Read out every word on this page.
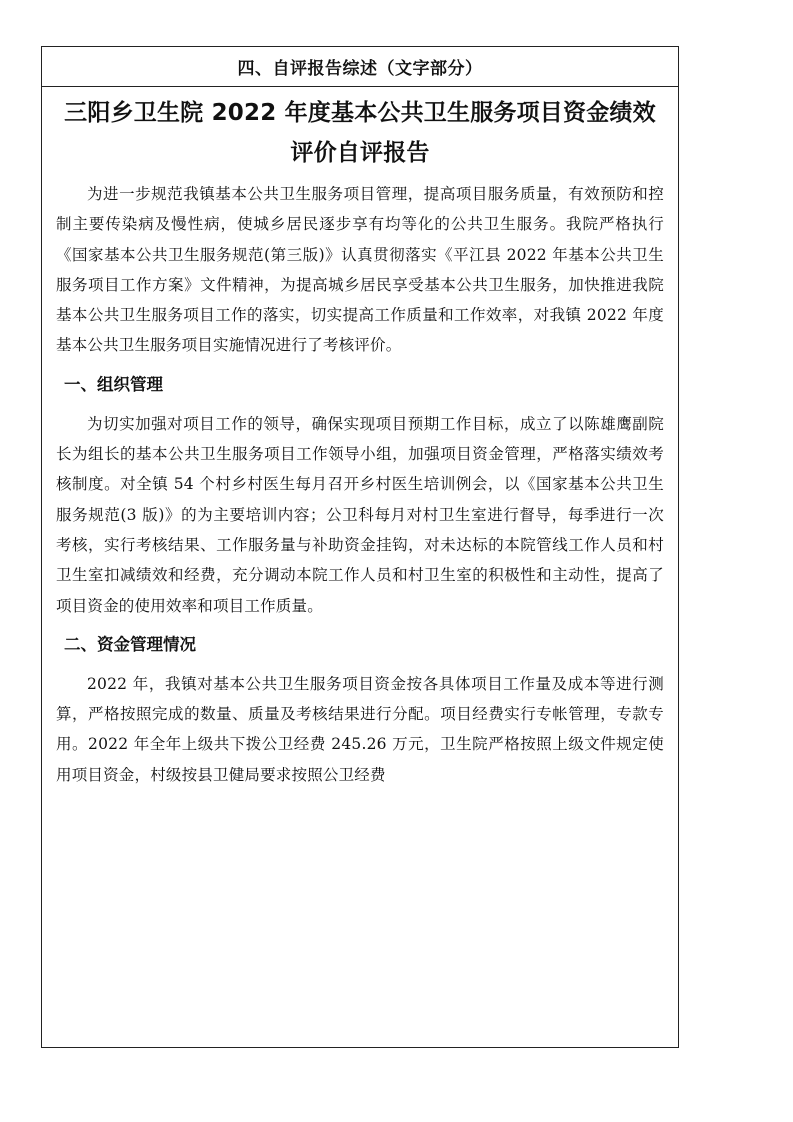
四、自评报告综述（文字部分）
三阳乡卫生院 2022 年度基本公共卫生服务项目资金绩效评价自评报告

为进一步规范我镇基本公共卫生服务项目管理，提高项目服务质量，有效预防和控制主要传染病及慢性病，使城乡居民逐步享有均等化的公共卫生服务。我院严格执行《国家基本公共卫生服务规范(第三版)》认真贯彻落实《平江县 2022 年基本公共卫生服务项目工作方案》文件精神，为提高城乡居民享受基本公共卫生服务，加快推进我院基本公共卫生服务项目工作的落实，切实提高工作质量和工作效率，对我镇 2022 年度基本公共卫生服务项目实施情况进行了考核评价。

一、组织管理

为切实加强对项目工作的领导，确保实现项目预期工作目标，成立了以陈雄鹰副院长为组长的基本公共卫生服务项目工作领导小组，加强项目资金管理，严格落实绩效考核制度。对全镇 54 个村乡村医生每月召开乡村医生培训例会，以《国家基本公共卫生服务规范(3 版)》的为主要培训内容；公卫科每月对村卫生室进行督导，每季进行一次考核，实行考核结果、工作服务量与补助资金挂钩，对未达标的本院管线工作人员和村卫生室扣减绩效和经费，充分调动本院工作人员和村卫生室的积极性和主动性，提高了项目资金的使用效率和项目工作质量。

二、资金管理情况

2022 年，我镇对基本公共卫生服务项目资金按各具体项目工作量及成本等进行测算，严格按照完成的数量、质量及考核结果进行分配。项目经费实行专帐管理，专款专用。2022 年全年上级共下拨公卫经费 245.26 万元，卫生院严格按照上级文件规定使用项目资金，村级按县卫健局要求按照公卫经费
